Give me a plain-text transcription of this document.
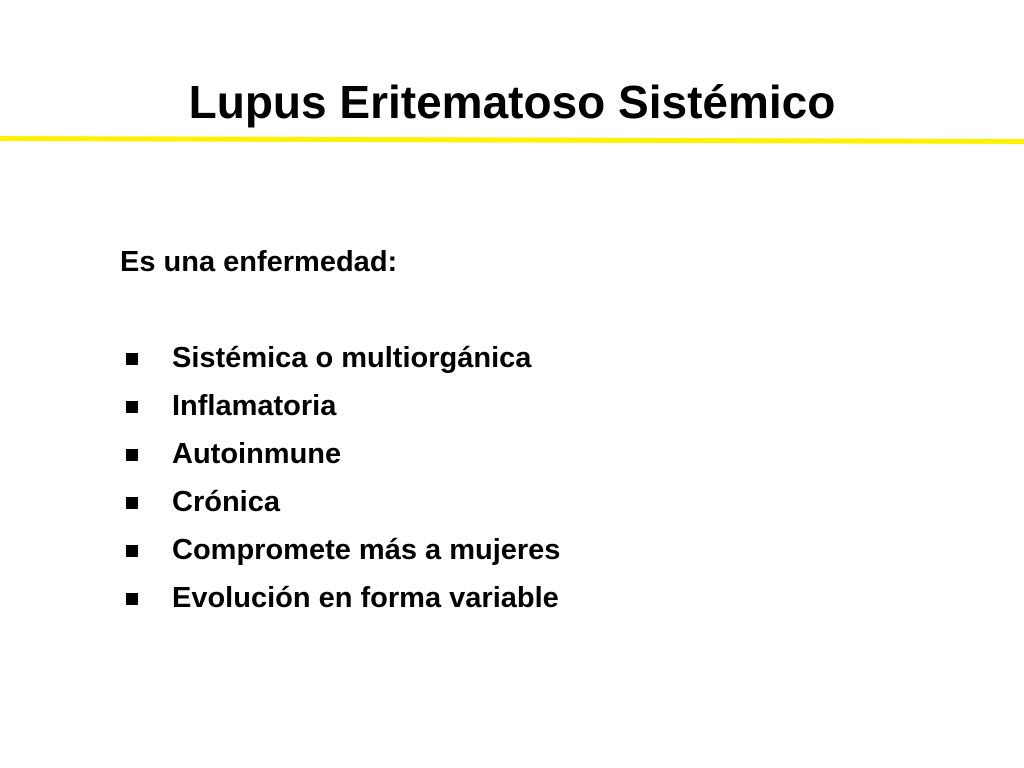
Lupus Eritematoso Sistémico
Es una enfermedad:
Sistémica o multiorgánica
Inflamatoria
Autoinmune
Crónica
Compromete más a mujeres
Evolución en forma variable
